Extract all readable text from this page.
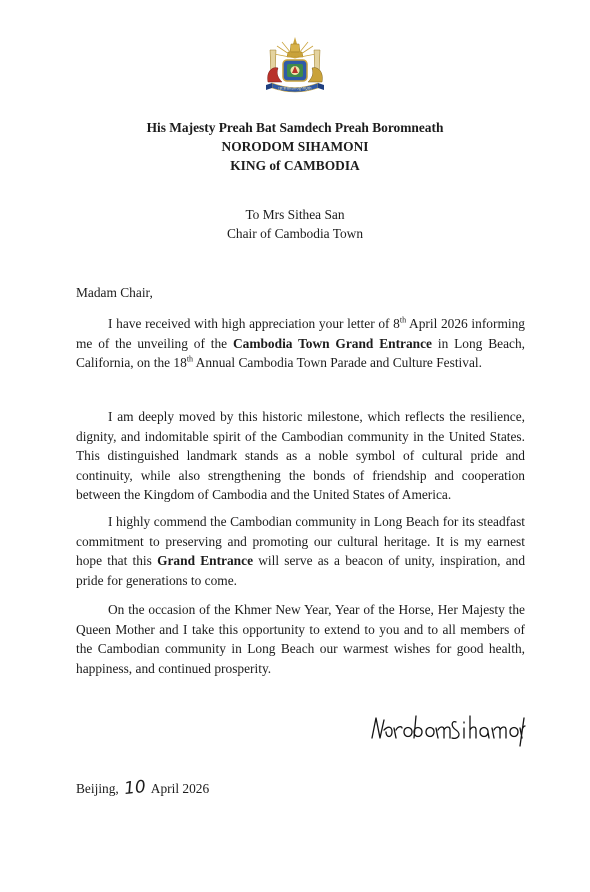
ព្រះរាជាណាចក្រកម្ពុជា
His Majesty Preah Bat Samdech Preah Boromneath
NORODOM SIHAMONI
KING of CAMBODIA
To Mrs Sithea San
Chair of Cambodia Town
Madam Chair,

I have received with high appreciation your letter of 8th April 2026 informing me of the unveiling of the Cambodia Town Grand Entrance in Long Beach, California, on the 18th Annual Cambodia Town Parade and Culture Festival.

I am deeply moved by this historic milestone, which reflects the resilience, dignity, and indomitable spirit of the Cambodian community in the United States. This distinguished landmark stands as a noble symbol of cultural pride and continuity, while also strengthening the bonds of friendship and cooperation between the Kingdom of Cambodia and the United States of America.

I highly commend the Cambodian community in Long Beach for its steadfast commitment to preserving and promoting our cultural heritage. It is my earnest hope that this Grand Entrance will serve as a beacon of unity, inspiration, and pride for generations to come.

On the occasion of the Khmer New Year, Year of the Horse, Her Majesty the Queen Mother and I take this opportunity to extend to you and to all members of the Cambodian community in Long Beach our warmest wishes for good health, happiness, and continued prosperity.

Beijing, 10 April 2026
